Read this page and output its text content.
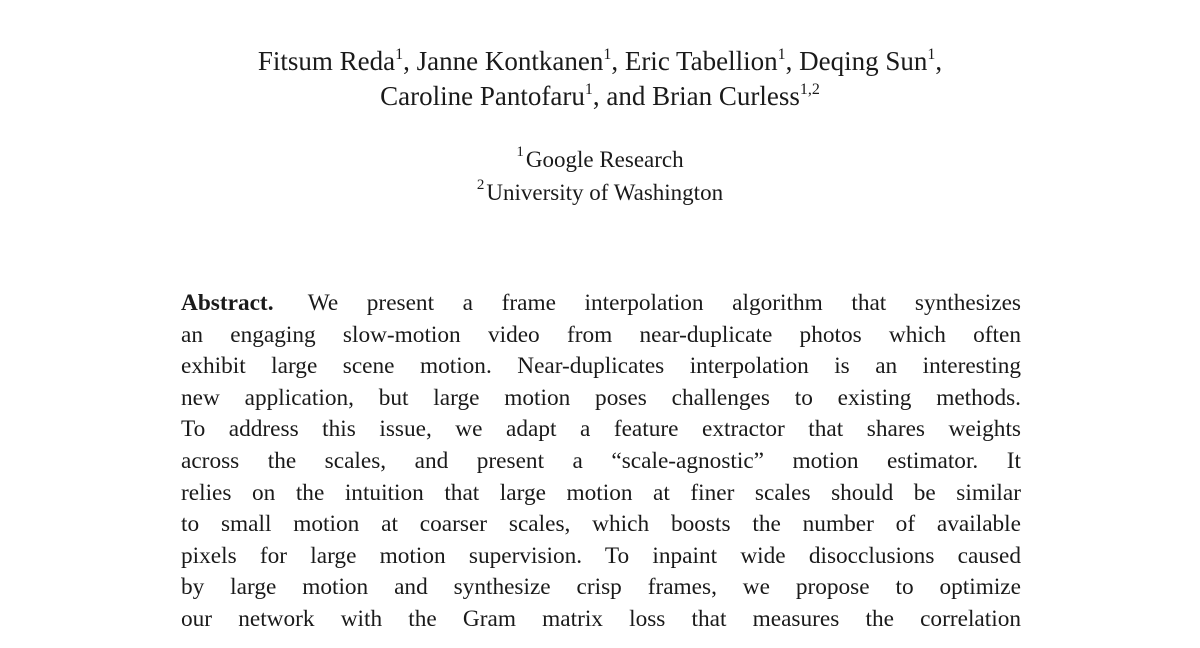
Fitsum Reda$^1$, Janne Kontkanen$^1$, Eric Tabellion$^1$, Deqing Sun$^1$,
Caroline Pantofaru$^1$, and Brian Curless$^{1,2}$
$^1$Google Research
$^2$University of Washington
Abstract. We present a frame interpolation algorithm that synthesizes
an engaging slow-motion video from near-duplicate photos which often
exhibit large scene motion. Near-duplicates interpolation is an interesting
new application, but large motion poses challenges to existing methods.
To address this issue, we adapt a feature extractor that shares weights
across the scales, and present a “scale-agnostic” motion estimator. It
relies on the intuition that large motion at finer scales should be similar
to small motion at coarser scales, which boosts the number of available
pixels for large motion supervision. To inpaint wide disocclusions caused
by large motion and synthesize crisp frames, we propose to optimize
our network with the Gram matrix loss that measures the correlation
